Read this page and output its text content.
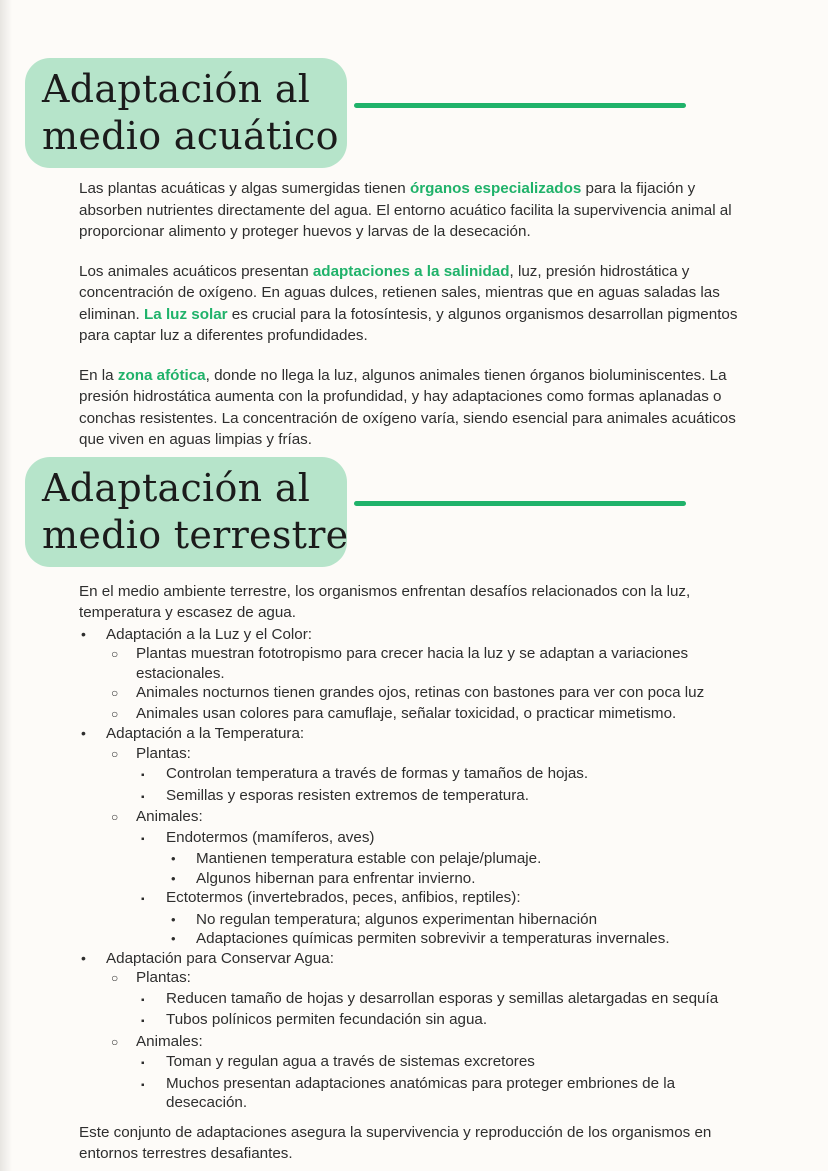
Adaptación al
medio acuático

Las plantas acuáticas y algas sumergidas tienen órganos especializados para la fijación y absorben nutrientes directamente del agua. El entorno acuático facilita la supervivencia animal al proporcionar alimento y proteger huevos y larvas de la desecación.

Los animales acuáticos presentan adaptaciones a la salinidad, luz, presión hidrostática y concentración de oxígeno. En aguas dulces, retienen sales, mientras que en aguas saladas las eliminan. La luz solar es crucial para la fotosíntesis, y algunos organismos desarrollan pigmentos para captar luz a diferentes profundidades.

En la zona afótica, donde no llega la luz, algunos animales tienen órganos bioluminiscentes. La presión hidrostática aumenta con la profundidad, y hay adaptaciones como formas aplanadas o conchas resistentes. La concentración de oxígeno varía, siendo esencial para animales acuáticos que viven en aguas limpias y frías.

Adaptación al
medio terrestre
En el medio ambiente terrestre, los organismos enfrentan desafíos relacionados con la luz, temperatura y escasez de agua.
•	Adaptación a la Luz y el Color:
○	Plantas muestran fototropismo para crecer hacia la luz y se adaptan a variaciones estacionales.
○	Animales nocturnos tienen grandes ojos, retinas con bastones para ver con poca luz
○	Animales usan colores para camuflaje, señalar toxicidad, o practicar mimetismo.
•	Adaptación a la Temperatura:
○	Plantas:
▪	Controlan temperatura a través de formas y tamaños de hojas.
▪	Semillas y esporas resisten extremos de temperatura.
○	Animales:
▪	Endotermos (mamíferos, aves)
•	Mantienen temperatura estable con pelaje/plumaje.
•	Algunos hibernan para enfrentar invierno.
▪	Ectotermos (invertebrados, peces, anfibios, reptiles):
•	No regulan temperatura; algunos experimentan hibernación
•	Adaptaciones químicas permiten sobrevivir a temperaturas invernales.
•	Adaptación para Conservar Agua:
○	Plantas:
▪	Reducen tamaño de hojas y desarrollan esporas y semillas aletargadas en sequía
▪	Tubos polínicos permiten fecundación sin agua.
○	Animales:
▪	Toman y regulan agua a través de sistemas excretores
▪	Muchos presentan adaptaciones anatómicas para proteger embriones de la desecación.
Este conjunto de adaptaciones asegura la supervivencia y reproducción de los organismos en entornos terrestres desafiantes.
